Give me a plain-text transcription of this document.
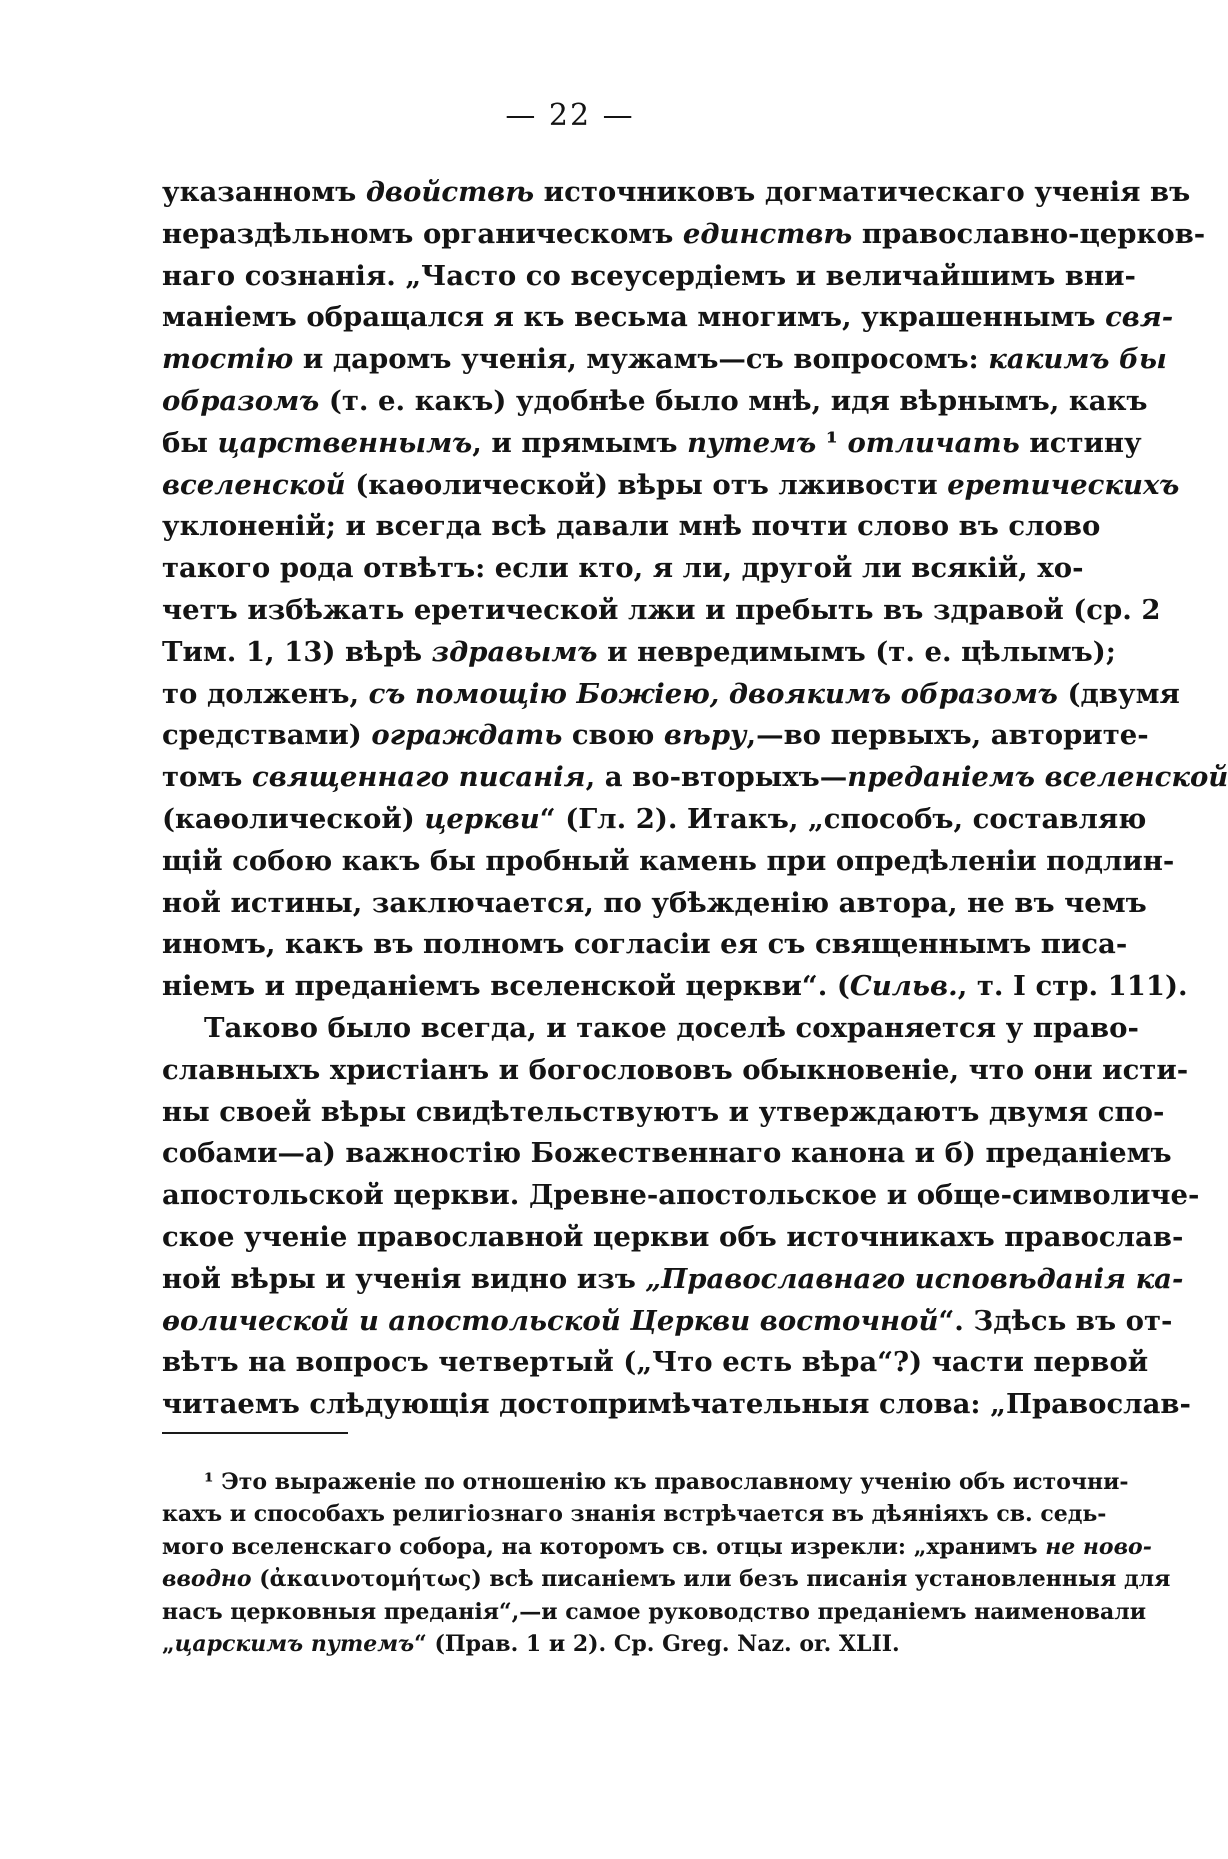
— 22 —
указанномъ двойствѣ источниковъ догматическаго ученія въ
нераздѣльномъ органическомъ единствѣ православно-церков-
наго сознанія. „Часто со всеусердіемъ и величайшимъ вни-
маніемъ обращался я къ весьма многимъ, украшеннымъ свя-
тостію и даромъ ученія, мужамъ—съ вопросомъ: какимъ бы
образомъ (т. е. какъ) удобнѣе было мнѣ, идя вѣрнымъ, какъ
бы царственнымъ, и прямымъ путемъ ¹ отличать истину
вселенской (каѳолической) вѣры отъ лживости еретическихъ
уклоненій; и всегда всѣ давали мнѣ почти слово въ слово
такого рода отвѣтъ: если кто, я ли, другой ли всякій, хо-
четъ избѣжать еретической лжи и пребыть въ здравой (ср. 2
Тим. 1, 13) вѣрѣ здравымъ и невредимымъ (т. е. цѣлымъ);
то долженъ, съ помощію Божіею, двоякимъ образомъ (двумя
средствами) ограждать свою вѣру,—во первыхъ, авторите-
томъ священнаго писанія, а во-вторыхъ—преданіемъ вселенской
(каѳолической) церкви“ (Гл. 2). Итакъ, „способъ, составляю
щій собою какъ бы пробный камень при опредѣленіи подлин-
ной истины, заключается, по убѣжденію автора, не въ чемъ
иномъ, какъ въ полномъ согласіи ея съ священнымъ писа-
ніемъ и преданіемъ вселенской церкви“. (Сильв., т. I стр. 111).
Таково было всегда, и такое доселѣ сохраняется у право-
славныхъ христіанъ и богослововъ обыкновеніе, что они исти-
ны своей вѣры свидѣтельствуютъ и утверждаютъ двумя спо-
собами—а) важностію Божественнаго канона и б) преданіемъ
апостольской церкви. Древне-апостольское и обще-символиче-
ское ученіе православной церкви объ источникахъ православ-
ной вѣры и ученія видно изъ „Православнаго исповѣданія ка-
ѳолической и апостольской Церкви восточной“. Здѣсь въ от-
вѣтъ на вопросъ четвертый („Что есть вѣра“?) части первой
читаемъ слѣдующія достопримѣчательныя слова: „Православ-
¹ Это выраженіе по отношенію къ православному ученію объ источни-
кахъ и способахъ религіознаго знанія встрѣчается въ дѣяніяхъ св. седь-
мого вселенскаго собора, на которомъ св. отцы изрекли: „хранимъ не ново-
вводно (ἀκαινοτομήτως) всѣ писаніемъ или безъ писанія установленныя для
насъ церковныя преданія“,—и самое руководство преданіемъ наименовали
„царскимъ путемъ“ (Прав. 1 и 2). Ср. Greg. Naz. or. XLII.
